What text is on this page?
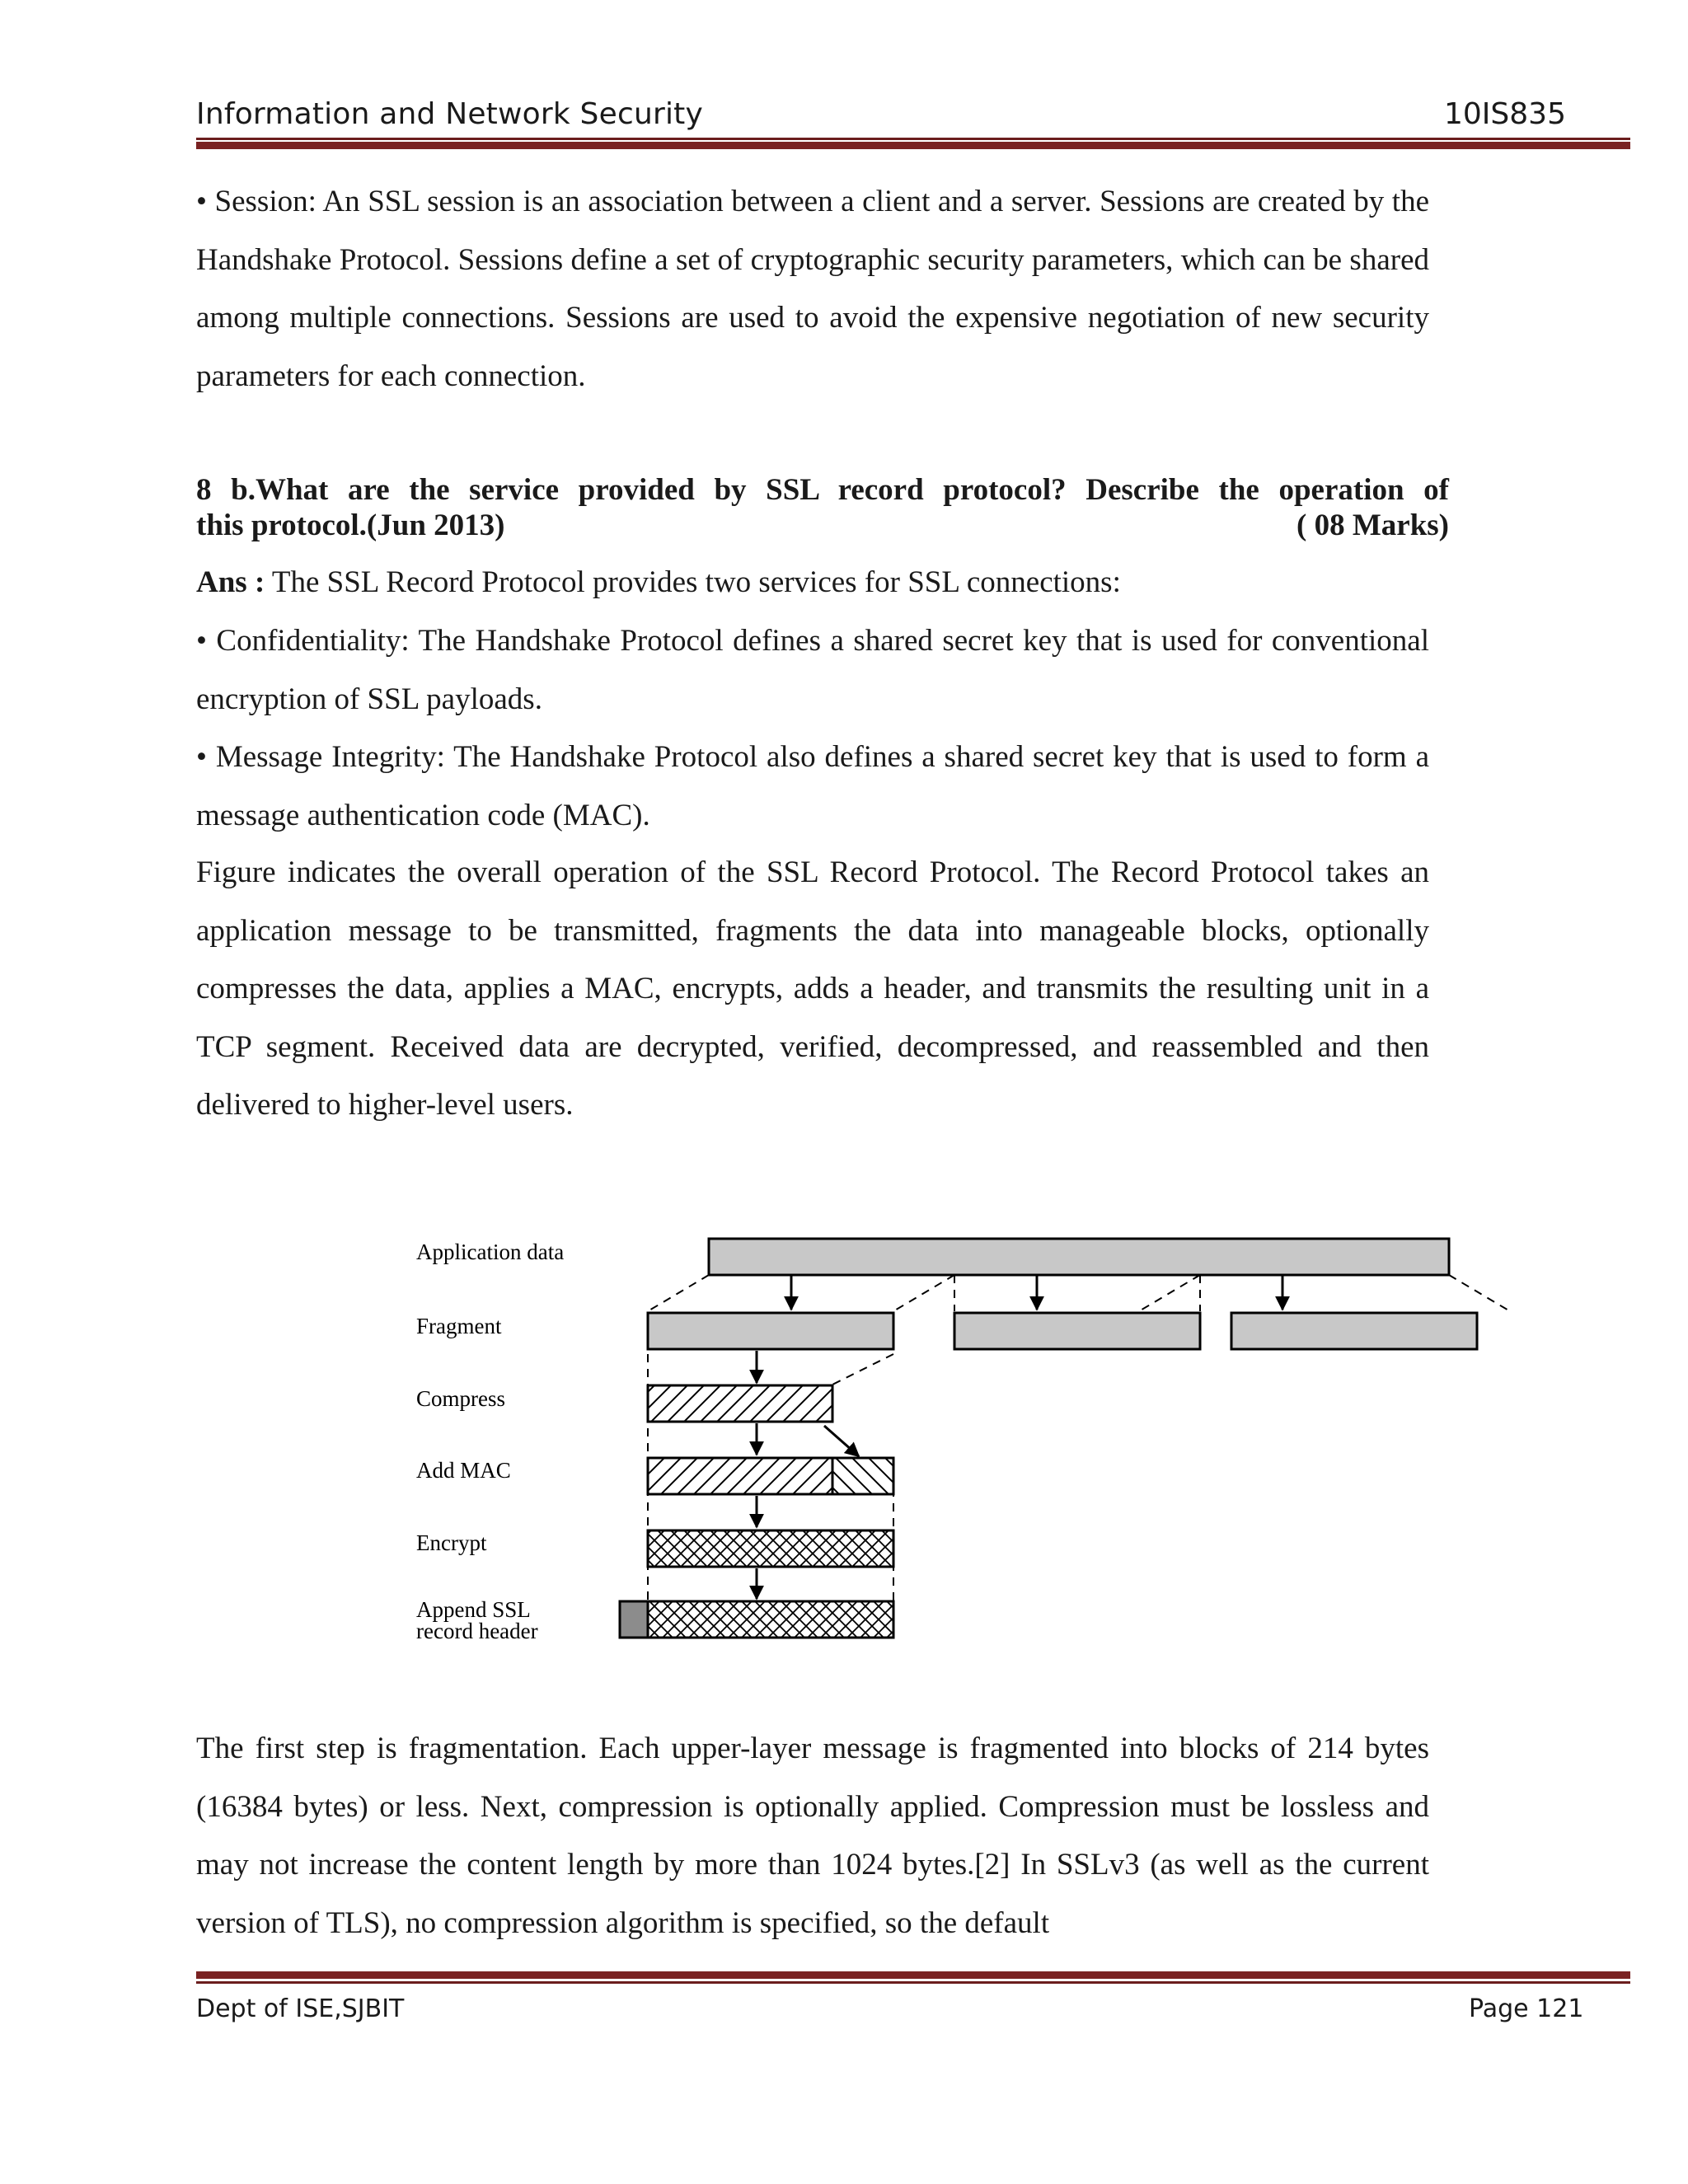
Information and Network Security	10IS835

• Session: An SSL session is an association between a client and a server. Sessions are created by the Handshake Protocol. Sessions define a set of cryptographic security parameters, which can be shared among multiple connections. Sessions are used to avoid the expensive negotiation of new security parameters for each connection.

8 b.What are the service provided by SSL record protocol? Describe the operation of
this protocol.(Jun 2013)	( 08 Marks)

Ans : The SSL Record Protocol provides two services for SSL connections:

• Confidentiality: The Handshake Protocol defines a shared secret key that is used for conventional encryption of SSL payloads.

• Message Integrity: The Handshake Protocol also defines a shared secret key that is used to form a message authentication code (MAC).

Figure indicates the overall operation of the SSL Record Protocol. The Record Protocol takes an application message to be transmitted, fragments the data into manageable blocks, optionally compresses the data, applies a MAC, encrypts, adds a header, and transmits the resulting unit in a TCP segment. Received data are decrypted, verified, decompressed, and reassembled and then delivered to higher-level users.

Application data
Fragment
Compress
Add MAC
Encrypt
Append SSL
record header

The first step is fragmentation. Each upper-layer message is fragmented into blocks of 214 bytes (16384 bytes) or less. Next, compression is optionally applied. Compression must be lossless and may not increase the content length by more than 1024 bytes.[2] In SSLv3 (as well as the current version of TLS), no compression algorithm is specified, so the default

Dept of ISE,SJBIT	Page 121
